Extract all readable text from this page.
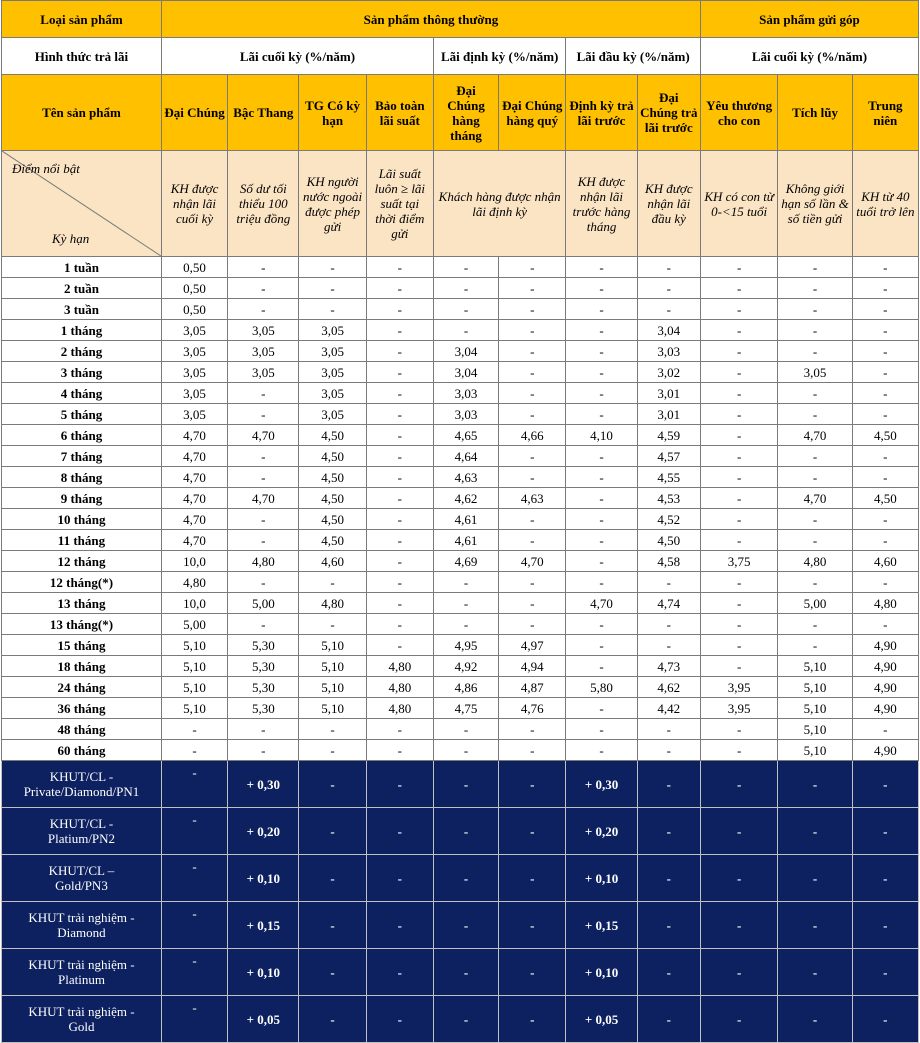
Loại sản phẩm	Sản phẩm thông thường								Sản phẩm gửi góp		
Hình thức trả lãi	Lãi cuối kỳ (%/năm)				Lãi định kỳ (%/năm)		Lãi đầu kỳ (%/năm)		Lãi cuối kỳ (%/năm)		
Tên sản phẩm	Đại Chúng	Bậc Thang	TG Có kỳ hạn	Bảo toàn lãi suất	Đại Chúng hàng tháng	Đại Chúng hàng quý	Định kỳ trả lãi trước	Đại Chúng trả lãi trước	Yêu thương cho con	Tích lũy	Trung niên

Điểm nổi bật
Kỳ hạn	KH được nhận lãi cuối kỳ	Số dư tối thiểu 100 triệu đồng	KH người nước ngoài được phép gửi	Lãi suất luôn ≥ lãi suất tại thời điểm gửi	Khách hàng được nhận lãi định kỳ		KH được nhận lãi trước hàng tháng	KH được nhận lãi đầu kỳ	KH có con từ 0-<15 tuổi	Không giới hạn số lần & số tiền gửi	KH từ 40 tuổi trở lên
1 tuần	0,50	-	-	-	-	-	-	-	-	-	-
2 tuần	0,50	-	-	-	-	-	-	-	-	-	-
3 tuần	0,50	-	-	-	-	-	-	-	-	-	-
1 tháng	3,05	3,05	3,05	-	-	-	-	3,04	-	-	-
2 tháng	3,05	3,05	3,05	-	3,04	-	-	3,03	-	-	-
3 tháng	3,05	3,05	3,05	-	3,04	-	-	3,02	-	3,05	-
4 tháng	3,05	-	3,05	-	3,03	-	-	3,01	-	-	-
5 tháng	3,05	-	3,05	-	3,03	-	-	3,01	-	-	-
6 tháng	4,70	4,70	4,50	-	4,65	4,66	4,10	4,59	-	4,70	4,50
7 tháng	4,70	-	4,50	-	4,64	-	-	4,57	-	-	-
8 tháng	4,70	-	4,50	-	4,63	-	-	4,55	-	-	-
9 tháng	4,70	4,70	4,50	-	4,62	4,63	-	4,53	-	4,70	4,50
10 tháng	4,70	-	4,50	-	4,61	-	-	4,52	-	-	-
11 tháng	4,70	-	4,50	-	4,61	-	-	4,50	-	-	-
12 tháng	10,0	4,80	4,60	-	4,69	4,70	-	4,58	3,75	4,80	4,60
12 tháng(*)	4,80	-	-	-	-	-	-	-	-	-	-
13 tháng	10,0	5,00	4,80	-	-	-	4,70	4,74	-	5,00	4,80
13 tháng(*)	5,00	-	-	-	-	-	-	-	-	-	-
15 tháng	5,10	5,30	5,10	-	4,95	4,97	-	-	-	-	4,90
18 tháng	5,10	5,30	5,10	4,80	4,92	4,94	-	4,73	-	5,10	4,90
24 tháng	5,10	5,30	5,10	4,80	4,86	4,87	5,80	4,62	3,95	5,10	4,90
36 tháng	5,10	5,30	5,10	4,80	4,75	4,76	-	4,42	3,95	5,10	4,90
48 tháng	-	-	-	-	-	-	-	-	-	5,10	-
60 tháng	-	-	-	-	-	-	-	-	-	5,10	4,90

KHUT/CL -
Private/Diamond/PN1	-	+ 0,30	-	-	-	-	+ 0,30	-	-	-	-

KHUT/CL -
Platium/PN2	-	+ 0,20	-	-	-	-	+ 0,20	-	-	-	-

KHUT/CL –
Gold/PN3	-	+ 0,10	-	-	-	-	+ 0,10	-	-	-	-

KHUT trải nghiệm -
Diamond	-	+ 0,15	-	-	-	-	+ 0,15	-	-	-	-

KHUT trải nghiệm -
Platinum	-	+ 0,10	-	-	-	-	+ 0,10	-	-	-	-

KHUT trải nghiệm -
Gold	-	+ 0,05	-	-	-	-	+ 0,05	-	-	-	-
